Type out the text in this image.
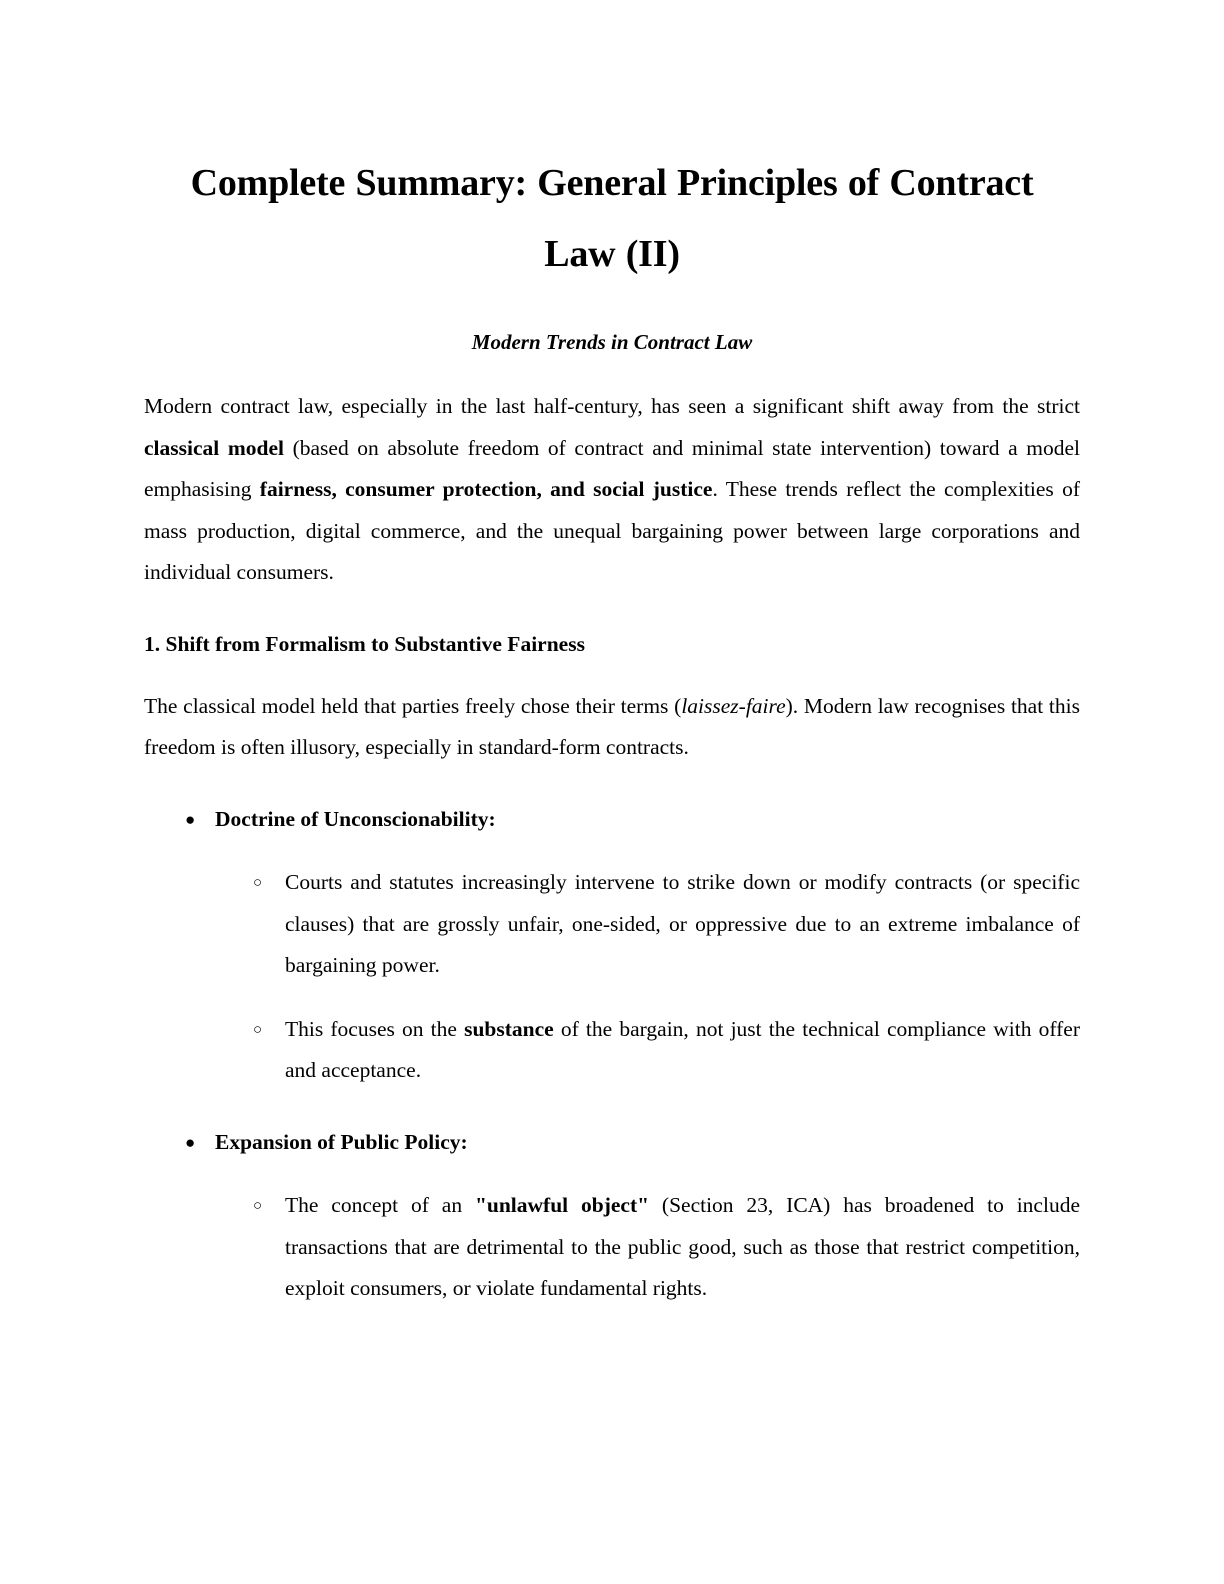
Complete Summary: General Principles of Contract Law (II)
Modern Trends in Contract Law

Modern contract law, especially in the last half-century, has seen a significant shift away from the strict classical model (based on absolute freedom of contract and minimal state intervention) toward a model emphasising fairness, consumer protection, and social justice. These trends reflect the complexities of mass production, digital commerce, and the unequal bargaining power between large corporations and individual consumers.

1. Shift from Formalism to Substantive Fairness

The classical model held that parties freely chose their terms (laissez-faire). Modern law recognises that this freedom is often illusory, especially in standard-form contracts.

● Doctrine of Unconscionability:
○ Courts and statutes increasingly intervene to strike down or modify contracts (or specific clauses) that are grossly unfair, one-sided, or oppressive due to an extreme imbalance of bargaining power.
○ This focuses on the substance of the bargain, not just the technical compliance with offer and acceptance.
● Expansion of Public Policy:
○ The concept of an "unlawful object" (Section 23, ICA) has broadened to include transactions that are detrimental to the public good, such as those that restrict competition, exploit consumers, or violate fundamental rights.
